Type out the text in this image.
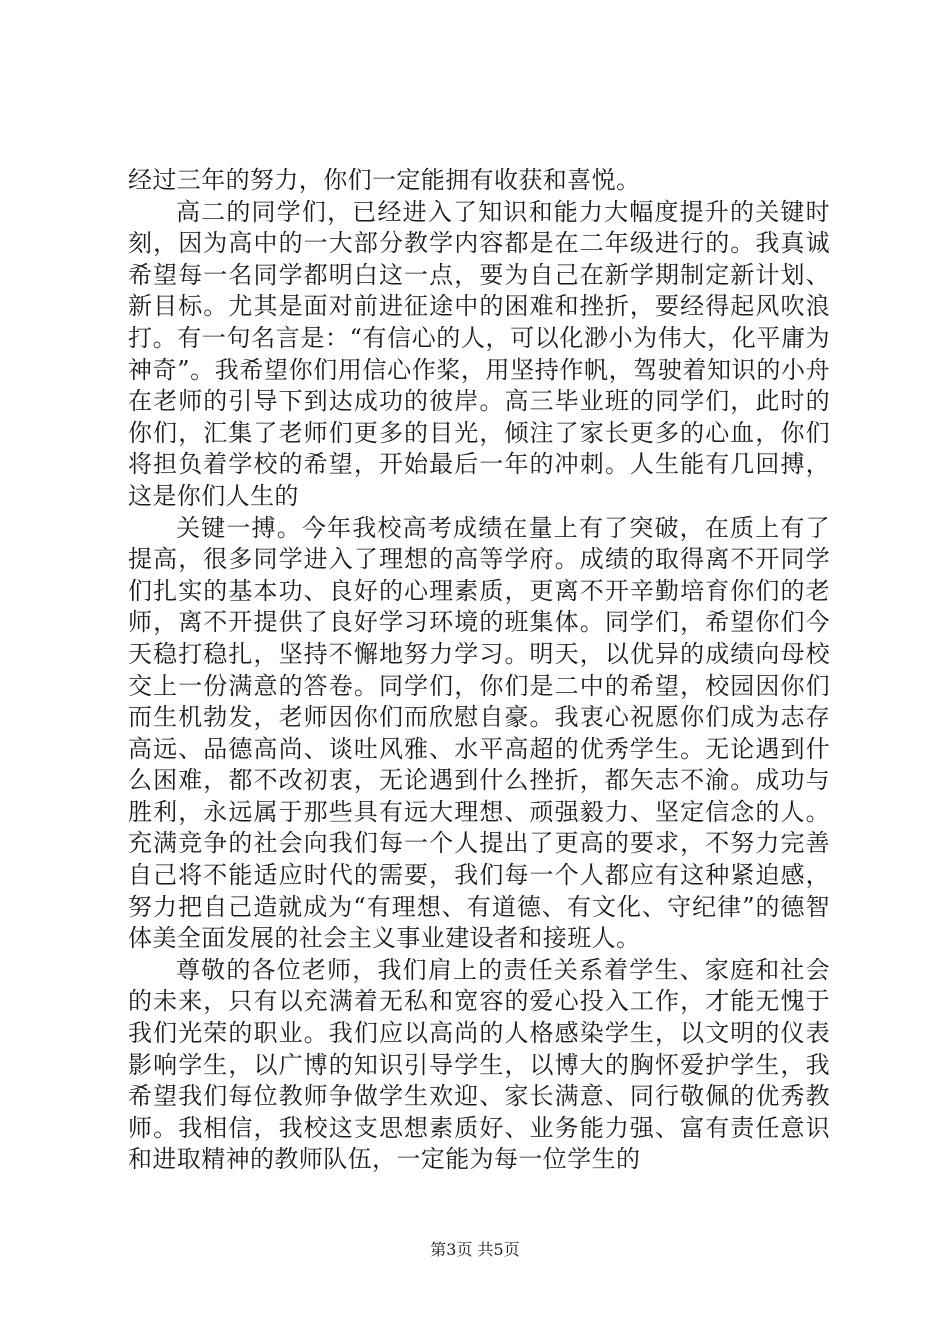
经过三年的努力，你们一定能拥有收获和喜悦。

高二的同学们，已经进入了知识和能力大幅度提升的关键时刻，因为高中的一大部分教学内容都是在二年级进行的。我真诚希望每一名同学都明白这一点，要为自己在新学期制定新计划、新目标。尤其是面对前进征途中的困难和挫折，要经得起风吹浪打。有一句名言是：“有信心的人，可以化渺小为伟大，化平庸为神奇”。我希望你们用信心作桨，用坚持作帆，驾驶着知识的小舟在老师的引导下到达成功的彼岸。高三毕业班的同学们，此时的你们，汇集了老师们更多的目光，倾注了家长更多的心血，你们将担负着学校的希望，开始最后一年的冲刺。人生能有几回搏，这是你们人生的

关键一搏。今年我校高考成绩在量上有了突破，在质上有了提高，很多同学进入了理想的高等学府。成绩的取得离不开同学们扎实的基本功、良好的心理素质，更离不开辛勤培育你们的老师，离不开提供了良好学习环境的班集体。同学们，希望你们今天稳打稳扎，坚持不懈地努力学习。明天，以优异的成绩向母校交上一份满意的答卷。同学们，你们是二中的希望，校园因你们而生机勃发，老师因你们而欣慰自豪。我衷心祝愿你们成为志存高远、品德高尚、谈吐风雅、水平高超的优秀学生。无论遇到什么困难，都不改初衷，无论遇到什么挫折，都矢志不渝。成功与胜利，永远属于那些具有远大理想、顽强毅力、坚定信念的人。充满竞争的社会向我们每一个人提出了更高的要求，不努力完善自己将不能适应时代的需要，我们每一个人都应有这种紧迫感，努力把自己造就成为“有理想、有道德、有文化、守纪律”的德智体美全面发展的社会主义事业建设者和接班人。

尊敬的各位老师，我们肩上的责任关系着学生、家庭和社会的未来，只有以充满着无私和宽容的爱心投入工作，才能无愧于我们光荣的职业。我们应以高尚的人格感染学生，以文明的仪表影响学生，以广博的知识引导学生，以博大的胸怀爱护学生，我希望我们每位教师争做学生欢迎、家长满意、同行敬佩的优秀教师。我相信，我校这支思想素质好、业务能力强、富有责任意识和进取精神的教师队伍，一定能为每一位学生的

第3页 共5页
